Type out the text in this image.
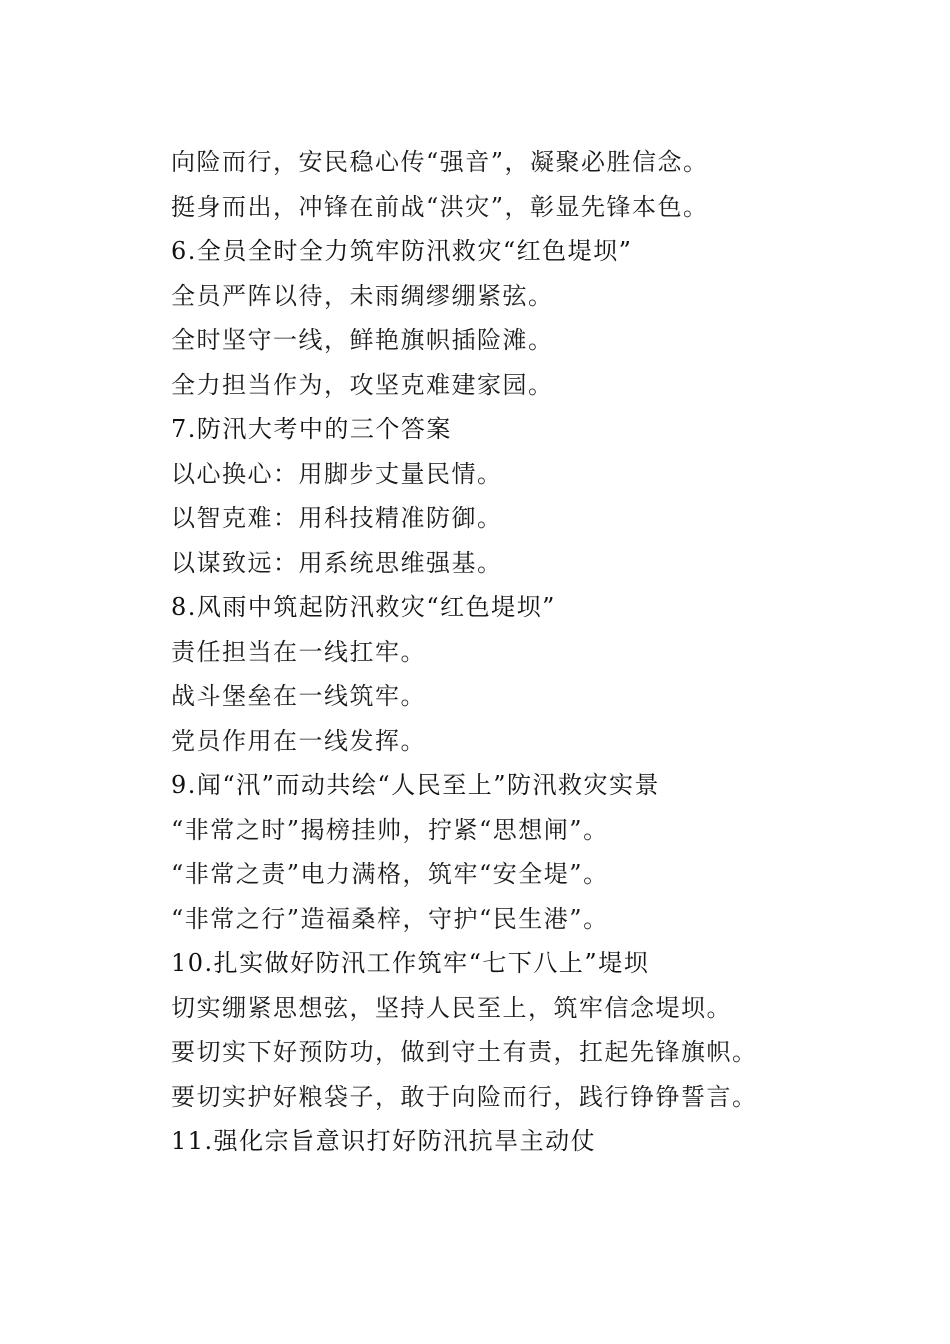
向险而行，安民稳心传“强音”，凝聚必胜信念。
挺身而出，冲锋在前战“洪灾”，彰显先锋本色。
6.全员全时全力筑牢防汛救灾“红色堤坝”
全员严阵以待，未雨绸缪绷紧弦。
全时坚守一线，鲜艳旗帜插险滩。
全力担当作为，攻坚克难建家园。
7.防汛大考中的三个答案
以心换心：用脚步丈量民情。
以智克难：用科技精准防御。
以谋致远：用系统思维强基。
8.风雨中筑起防汛救灾“红色堤坝”
责任担当在一线扛牢。
战斗堡垒在一线筑牢。
党员作用在一线发挥。
9.闻“汛”而动共绘“人民至上”防汛救灾实景
“非常之时”揭榜挂帅，拧紧“思想闸”。
“非常之责”电力满格，筑牢“安全堤”。
“非常之行”造福桑梓，守护“民生港”。
10.扎实做好防汛工作筑牢“七下八上”堤坝
切实绷紧思想弦，坚持人民至上，筑牢信念堤坝。
要切实下好预防功，做到守土有责，扛起先锋旗帜。
要切实护好粮袋子，敢于向险而行，践行铮铮誓言。
11.强化宗旨意识打好防汛抗旱主动仗
